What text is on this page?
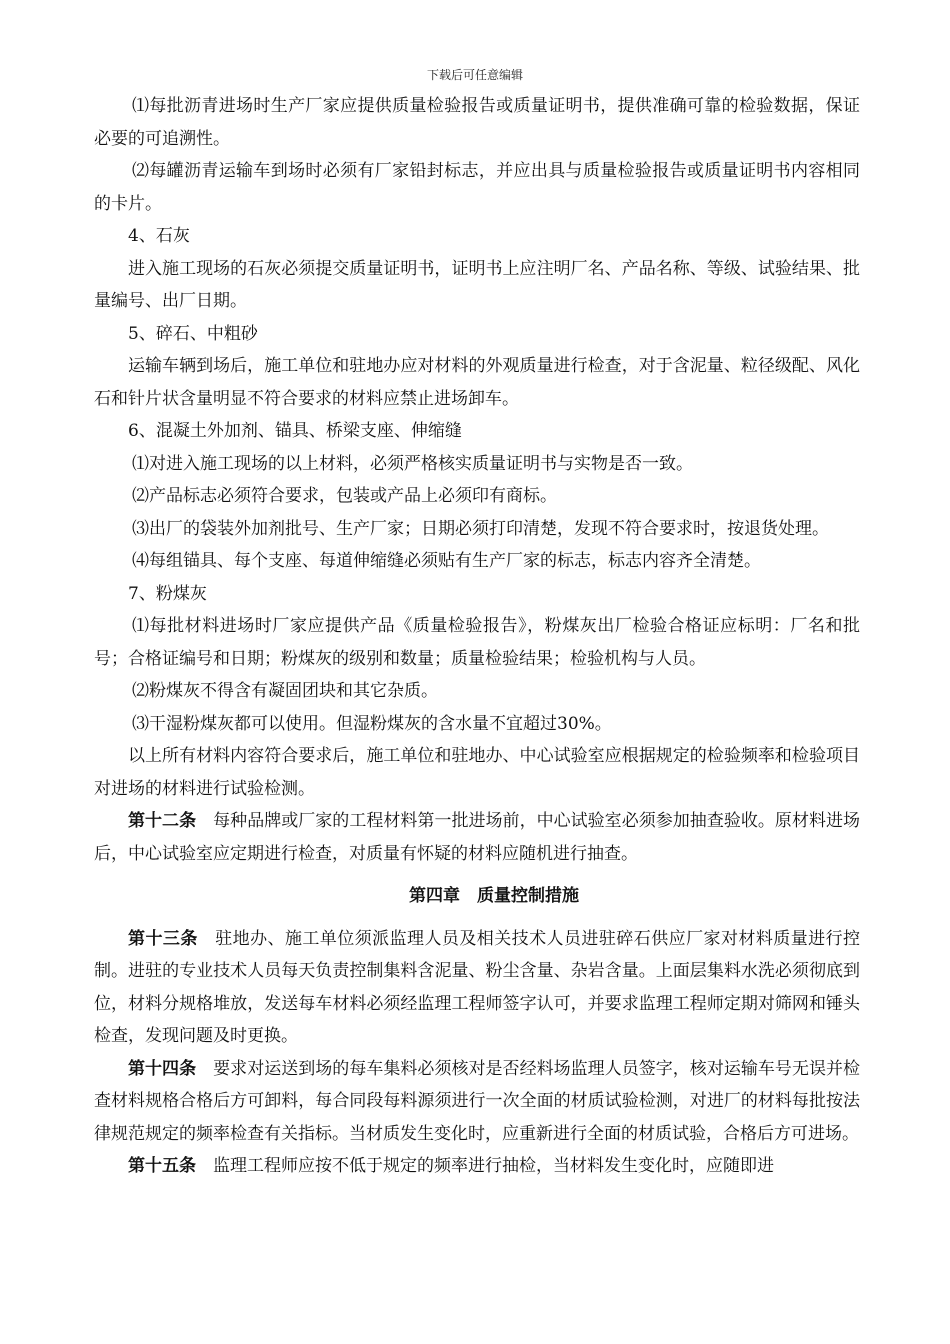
下载后可任意编辑

⑴每批沥青进场时生产厂家应提供质量检验报告或质量证明书，提供准确可靠的检验数据，保证必要的可追溯性。

⑵每罐沥青运输车到场时必须有厂家铅封标志，并应出具与质量检验报告或质量证明书内容相同的卡片。

4、石灰

进入施工现场的石灰必须提交质量证明书，证明书上应注明厂名、产品名称、等级、试验结果、批量编号、出厂日期。

5、碎石、中粗砂

运输车辆到场后，施工单位和驻地办应对材料的外观质量进行检查，对于含泥量、粒径级配、风化石和针片状含量明显不符合要求的材料应禁止进场卸车。

6、混凝土外加剂、锚具、桥梁支座、伸缩缝

⑴对进入施工现场的以上材料，必须严格核实质量证明书与实物是否一致。

⑵产品标志必须符合要求，包装或产品上必须印有商标。

⑶出厂的袋装外加剂批号、生产厂家；日期必须打印清楚，发现不符合要求时，按退货处理。

⑷每组锚具、每个支座、每道伸缩缝必须贴有生产厂家的标志，标志内容齐全清楚。

7、粉煤灰

⑴每批材料进场时厂家应提供产品《质量检验报告》，粉煤灰出厂检验合格证应标明：厂名和批号；合格证编号和日期；粉煤灰的级别和数量；质量检验结果；检验机构与人员。

⑵粉煤灰不得含有凝固团块和其它杂质。

⑶干湿粉煤灰都可以使用。但湿粉煤灰的含水量不宜超过30%。

以上所有材料内容符合要求后，施工单位和驻地办、中心试验室应根据规定的检验频率和检验项目对进场的材料进行试验检测。

第十二条　 每种品牌或厂家的工程材料第一批进场前，中心试验室必须参加抽查验收。原材料进场后，中心试验室应定期进行检查，对质量有怀疑的材料应随机进行抽查。

第四章　质量控制措施

第十三条　 驻地办、施工单位须派监理人员及相关技术人员进驻碎石供应厂家对材料质量进行控制。进驻的专业技术人员每天负责控制集料含泥量、粉尘含量、杂岩含量。上面层集料水洗必须彻底到位，材料分规格堆放，发送每车材料必须经监理工程师签字认可，并要求监理工程师定期对筛网和锤头检查，发现问题及时更换。

第十四条　 要求对运送到场的每车集料必须核对是否经料场监理人员签字，核对运输车号无误并检查材料规格合格后方可卸料，每合同段每料源须进行一次全面的材质试验检测，对进厂的材料每批按法律规范规定的频率检查有关指标。当材质发生变化时，应重新进行全面的材质试验，合格后方可进场。

第十五条　 监理工程师应按不低于规定的频率进行抽检，当材料发生变化时，应随即进
